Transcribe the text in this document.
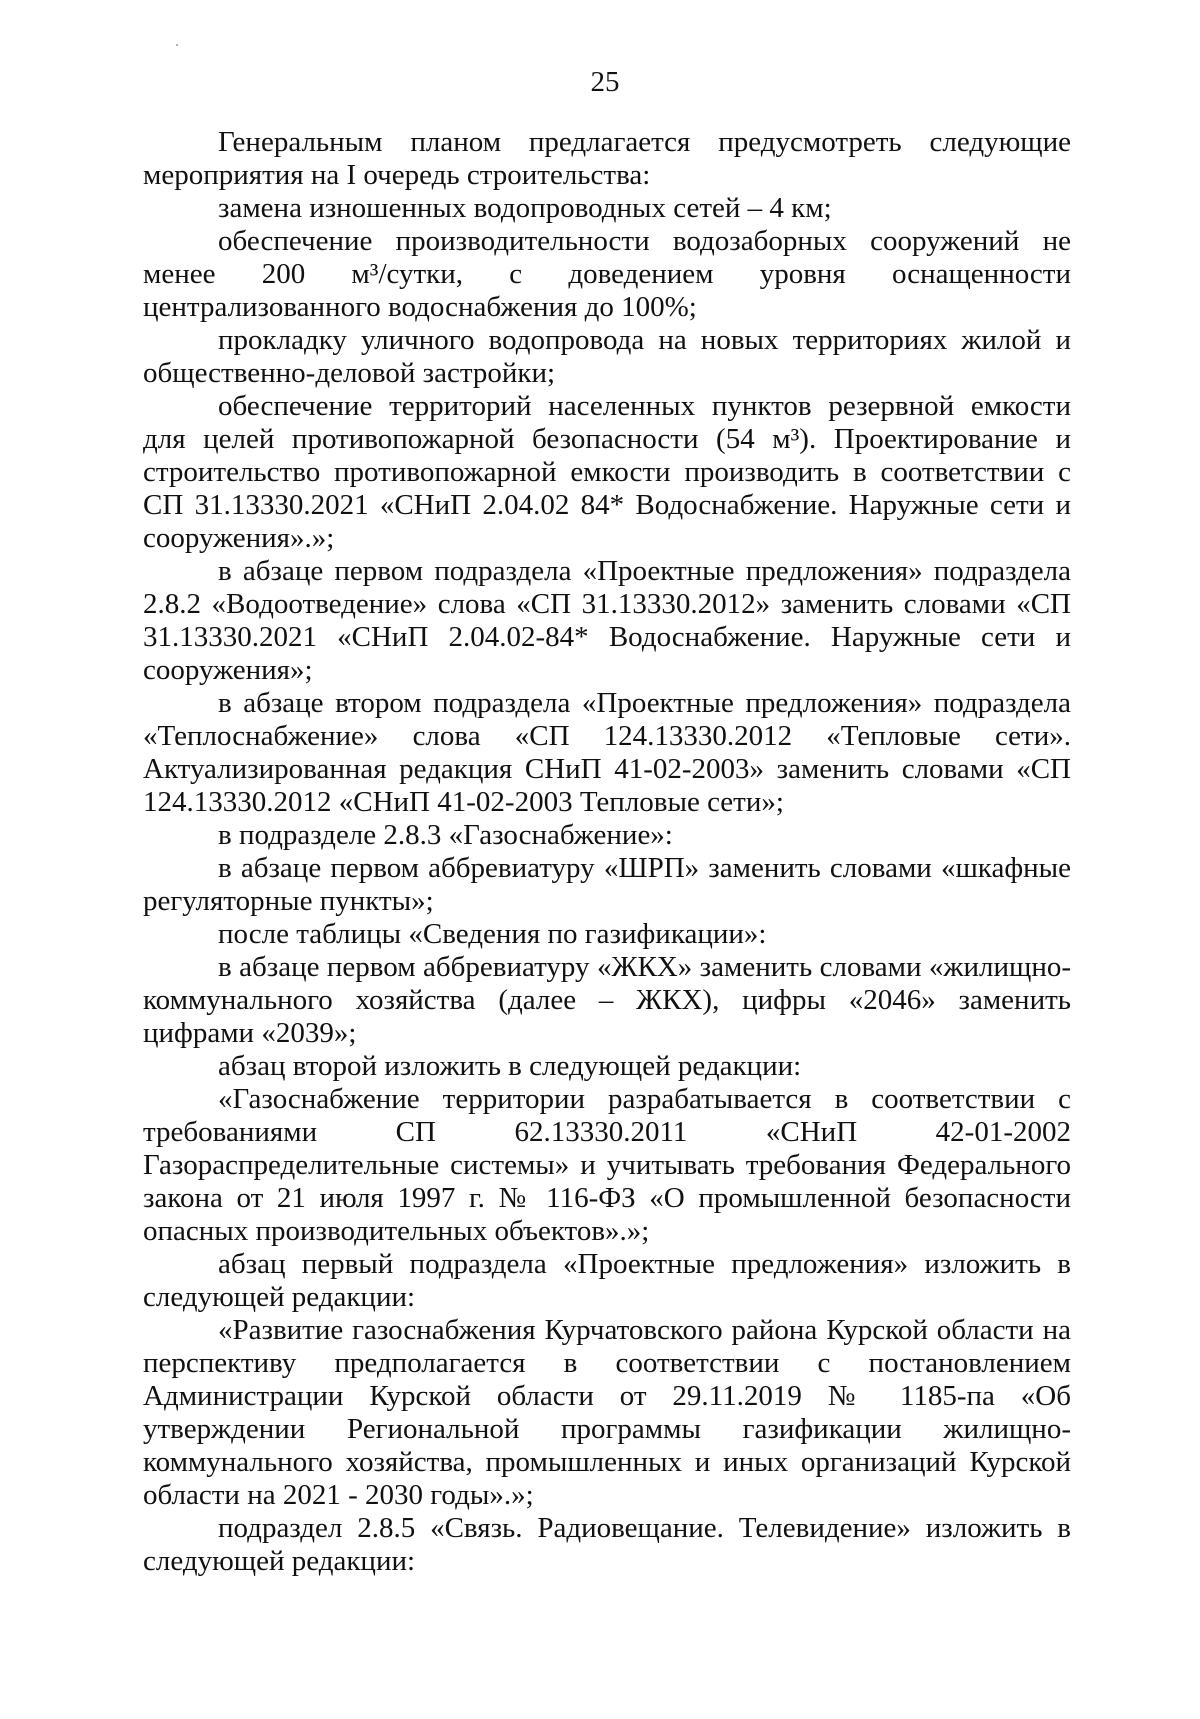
25

Генеральным планом предлагается предусмотреть следующие мероприятия на I очередь строительства:

замена изношенных водопроводных сетей – 4 км;

обеспечение производительности водозаборных сооружений не менее 200 м³/сутки, с доведением уровня оснащенности централизованного водоснабжения до 100%;

прокладку уличного водопровода на новых территориях жилой и общественно-деловой застройки;

обеспечение территорий населенных пунктов резервной емкости для целей противопожарной безопасности (54 м³). Проектирование и строительство противопожарной емкости производить в соответствии с СП 31.13330.2021 «СНиП 2.04.02 84* Водоснабжение. Наружные сети и сооружения».»;

в абзаце первом подраздела «Проектные предложения» подраздела 2.8.2 «Водоотведение» слова «СП 31.13330.2012» заменить словами «СП 31.13330.2021 «СНиП 2.04.02-84* Водоснабжение. Наружные сети и сооружения»;

в абзаце втором подраздела «Проектные предложения» подраздела «Теплоснабжение» слова «СП 124.13330.2012 «Тепловые сети». Актуализированная редакция СНиП 41-02-2003» заменить словами «СП 124.13330.2012 «СНиП 41-02-2003 Тепловые сети»;

в подразделе 2.8.3 «Газоснабжение»:

в абзаце первом аббревиатуру «ШРП» заменить словами «шкафные регуляторные пункты»;

после таблицы «Сведения по газификации»:

в абзаце первом аббревиатуру «ЖКХ» заменить словами «жилищно-коммунального хозяйства (далее – ЖКХ), цифры «2046» заменить цифрами «2039»;

абзац второй изложить в следующей редакции:

«Газоснабжение территории разрабатывается в соответствии с требованиями СП 62.13330.2011 «СНиП 42-01-2002 Газораспределительные системы» и учитывать требования Федерального закона от 21 июля 1997 г. № 116-ФЗ «О промышленной безопасности опасных производительных объектов».»;

абзац первый подраздела «Проектные предложения» изложить в следующей редакции:

«Развитие газоснабжения Курчатовского района Курской области на перспективу предполагается в соответствии с постановлением Администрации Курской области от 29.11.2019 № 1185-па «Об утверждении Региональной программы газификации жилищно-коммунального хозяйства, промышленных и иных организаций Курской области на 2021 - 2030 годы».»;

подраздел 2.8.5 «Связь. Радиовещание. Телевидение» изложить в следующей редакции:
